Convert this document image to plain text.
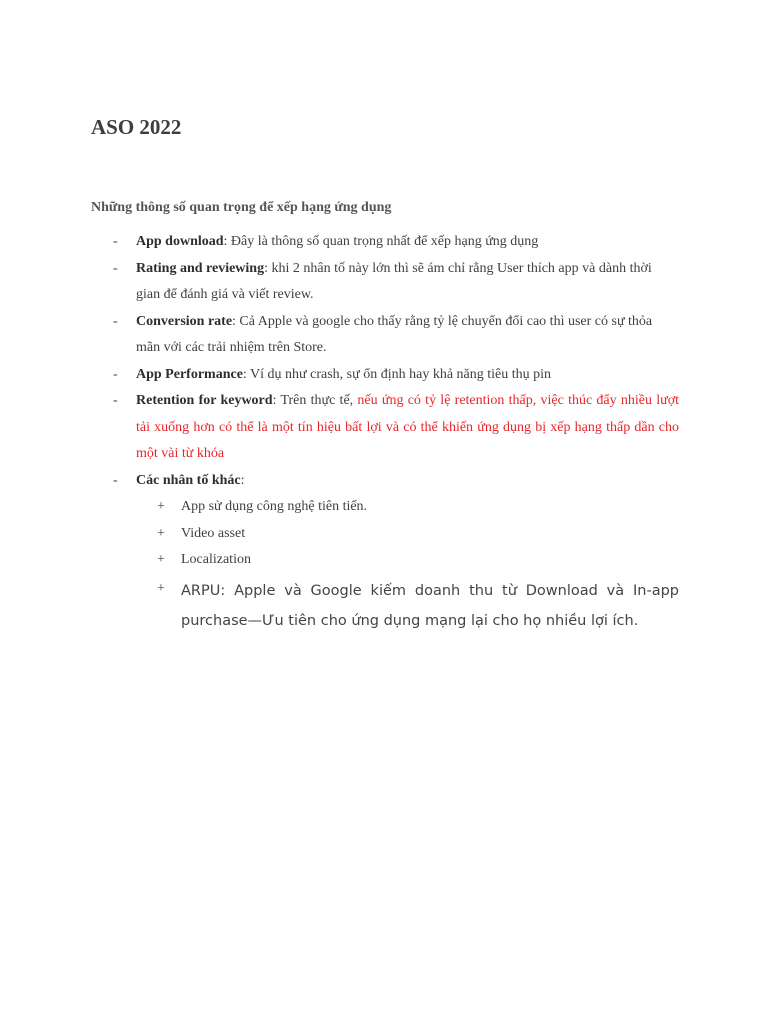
ASO 2022
Những thông số quan trọng để xếp hạng ứng dụng
- App download: Đây là thông số quan trọng nhất để xếp hạng ứng dụng
- Rating and reviewing: khi 2 nhân tố này lớn thì sẽ ám chỉ rằng User thích app và dành thời gian để đánh giá và viết review.
- Conversion rate: Cả Apple và google cho thấy rằng tỷ lệ chuyển đổi cao thì user có sự thỏa mãn với các trải nhiệm trên Store.
- App Performance: Ví dụ như crash, sự ổn định hay khả năng tiêu thụ pin
- Retention for keyword: Trên thực tế, nếu ứng có tỷ lệ retention thấp, việc thúc đẩy nhiều lượt tải xuống hơn có thể là một tín hiệu bất lợi và có thể khiến ứng dụng bị xếp hạng thấp dần cho một vài từ khóa
- Các nhân tố khác:
+ App sử dụng công nghệ tiên tiến.
+ Video asset
+ Localization
+ ARPU: Apple và Google kiếm doanh thu từ Download và In-app purchase—Ưu tiên cho ứng dụng mạng lại cho họ nhiều lợi ích.
